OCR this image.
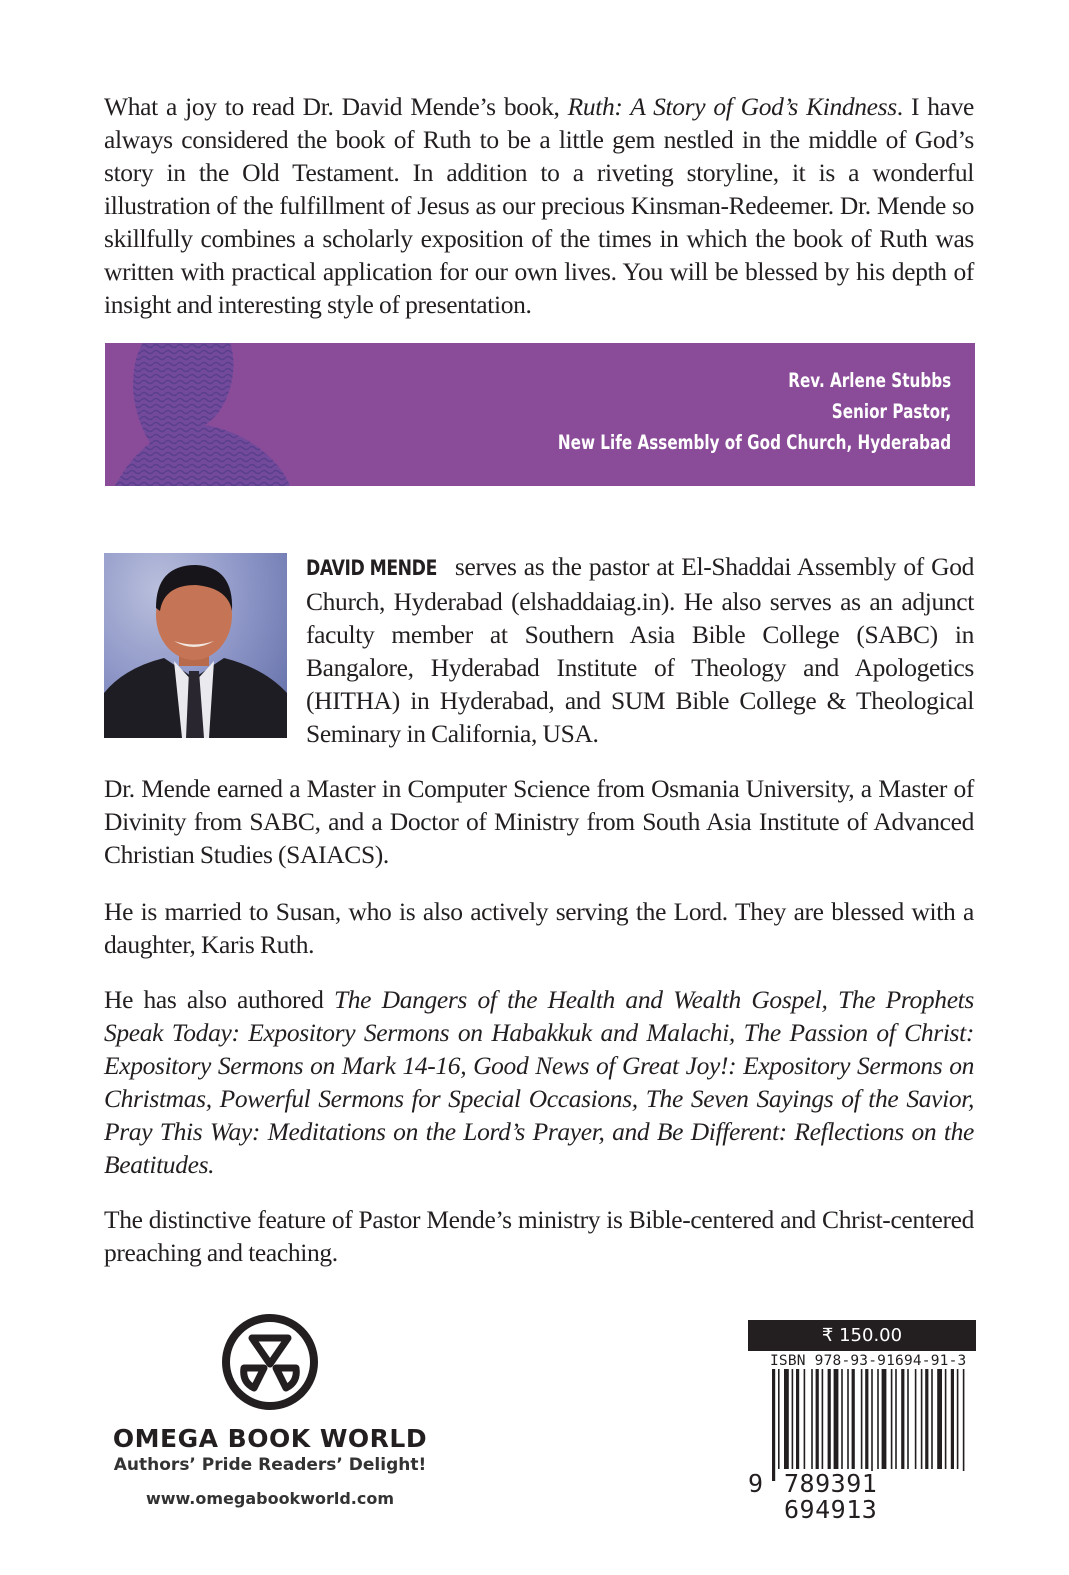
What a joy to read Dr. David Mende’s book, Ruth: A Story of God’s Kindness. I have always considered the book of Ruth to be a little gem nestled in the middle of God’s story in the Old Testament. In addition to a riveting storyline, it is a wonderful illustration of the fulfillment of Jesus as our precious Kinsman-Redeemer. Dr. Mende so skillfully combines a scholarly exposition of the times in which the book of Ruth was written with practical application for our own lives. You will be blessed by his depth of insight and interesting style of presentation.
Rev. Arlene Stubbs
Senior Pastor,
New Life Assembly of God Church, Hyderabad
DAVID MENDE serves as the pastor at El-Shaddai Assembly of God Church, Hyderabad (elshaddaiag.in). He also serves as an adjunct faculty member at Southern Asia Bible College (SABC) in Bangalore, Hyderabad Institute of Theology and Apologetics (HITHA) in Hyderabad, and SUM Bible College & Theological Seminary in California, USA.
Dr. Mende earned a Master in Computer Science from Osmania University, a Master of Divinity from SABC, and a Doctor of Ministry from South Asia Institute of Advanced Christian Studies (SAIACS).
He is married to Susan, who is also actively serving the Lord. They are blessed with a daughter, Karis Ruth.
He has also authored The Dangers of the Health and Wealth Gospel, The Prophets Speak Today: Expository Sermons on Habakkuk and Malachi, The Passion of Christ: Expository Sermons on Mark 14-16, Good News of Great Joy!: Expository Sermons on Christmas, Powerful Sermons for Special Occasions, The Seven Sayings of the Savior, Pray This Way: Meditations on the Lord’s Prayer, and Be Different: Reflections on the Beatitudes.
The distinctive feature of Pastor Mende’s ministry is Bible-centered and Christ-centered preaching and teaching.
OMEGA BOOK WORLD
Authors’ Pride Readers’ Delight!
www.omegabookworld.com
₹ 150.00
ISBN 978-93-91694-91-3
9 789391 694913
